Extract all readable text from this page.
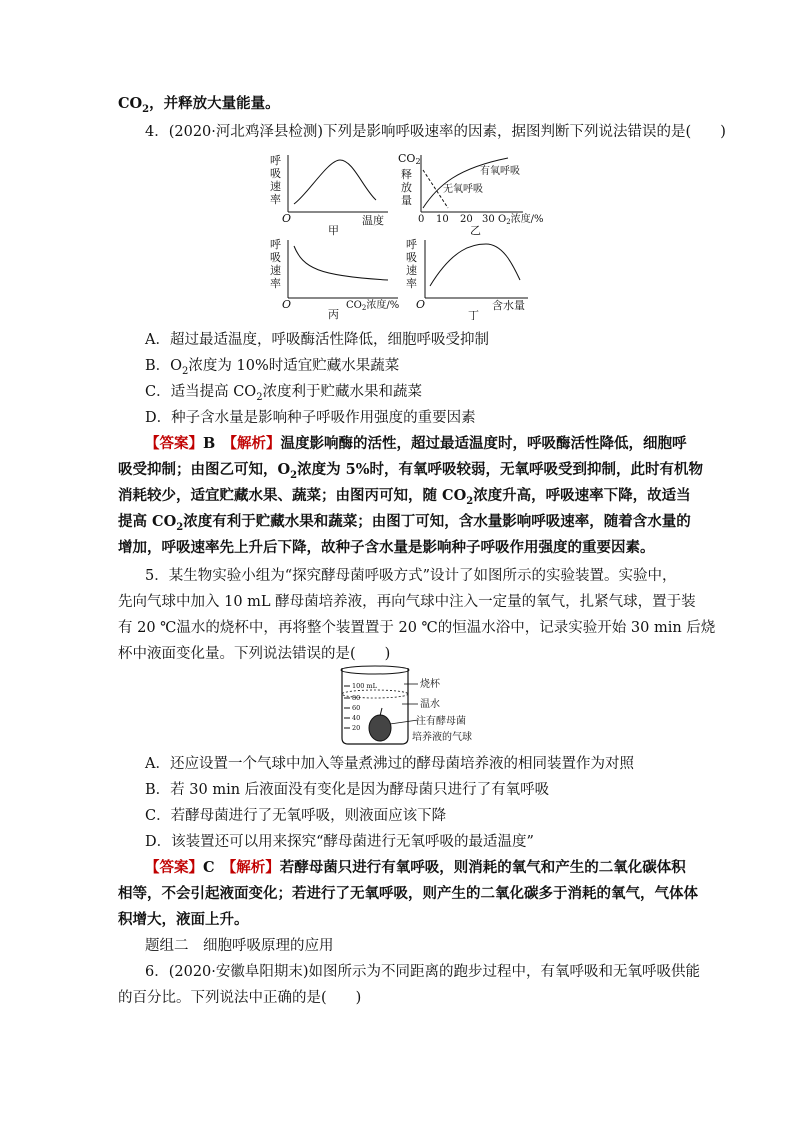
$CO_2$，并释放大量能量。
4．(2020·河北鸡泽县检测)下列是影响呼吸速率的因素，据图判断下列说法错误的是(　　)
呼
吸
速
率
O	温度
甲
CO2
释
放
量
有氧呼吸
无氧呼吸
0 10 20 30 $O_2$浓度/%
乙
呼
吸
速
率
O	$CO_2$浓度/%
丙
呼
吸
速
率
O	含水量
丁
A．超过最适温度，呼吸酶活性降低，细胞呼吸受抑制
B．$O_2$浓度为 10%时适宜贮藏水果蔬菜
C．适当提高 $CO_2$浓度利于贮藏水果和蔬菜
D．种子含水量是影响种子呼吸作用强度的重要因素
【答案】B　 【解析】温度影响酶的活性，超过最适温度时，呼吸酶活性降低，细胞呼
吸受抑制；由图乙可知，$O_2$浓度为 5%时，有氧呼吸较弱，无氧呼吸受到抑制，此时有机物
消耗较少，适宜贮藏水果、蔬菜；由图丙可知，随 $CO_2$浓度升高，呼吸速率下降，故适当
提高 $CO_2$浓度有利于贮藏水果和蔬菜；由图丁可知，含水量影响呼吸速率，随着含水量的
增加，呼吸速率先上升后下降，故种子含水量是影响种子呼吸作用强度的重要因素。
5．某生物实验小组为“探究酵母菌呼吸方式”设计了如图所示的实验装置。实验中，
先向气球中加入 10 mL 酵母菌培养液，再向气球中注入一定量的氧气，扎紧气球，置于装
有 20 ℃温水的烧杯中，再将整个装置置于 20 ℃的恒温水浴中，记录实验开始 30 min 后烧
杯中液面变化量。下列说法错误的是(　　)
100 mL
80
60
40
20
烧杯
温水
注有酵母菌
培养液的气球
A．还应设置一个气球中加入等量煮沸过的酵母菌培养液的相同装置作为对照
B．若 30 min 后液面没有变化是因为酵母菌只进行了有氧呼吸
C．若酵母菌进行了无氧呼吸，则液面应该下降
D．该装置还可以用来探究“酵母菌进行无氧呼吸的最适温度”
【答案】C　 【解析】若酵母菌只进行有氧呼吸，则消耗的氧气和产生的二氧化碳体积
相等，不会引起液面变化；若进行了无氧呼吸，则产生的二氧化碳多于消耗的氧气，气体体
积增大，液面上升。
题组二　细胞呼吸原理的应用
6．(2020·安徽阜阳期末)如图所示为不同距离的跑步过程中，有氧呼吸和无氧呼吸供能
的百分比。下列说法中正确的是(　　)
